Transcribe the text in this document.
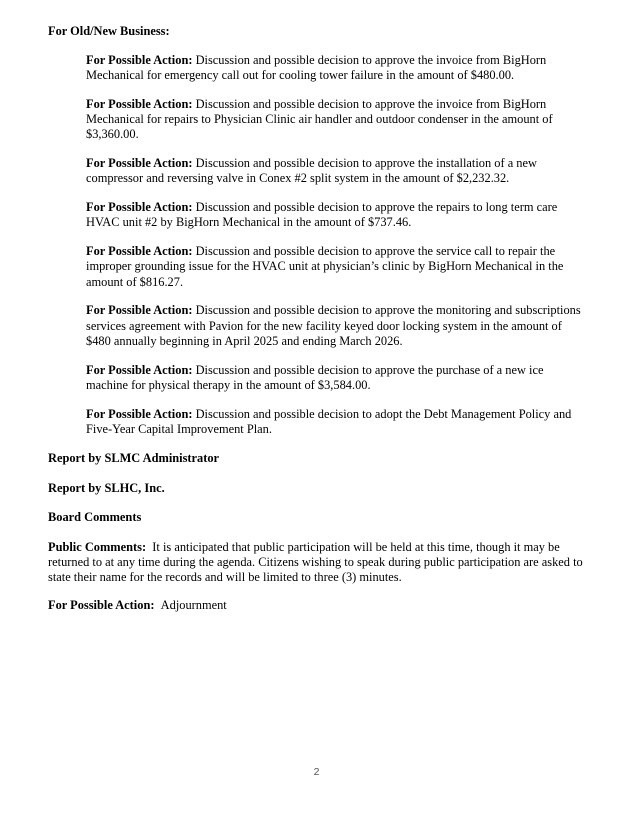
For Old/New Business:
For Possible Action: Discussion and possible decision to approve the invoice from BigHorn Mechanical for emergency call out for cooling tower failure in the amount of $480.00.
For Possible Action: Discussion and possible decision to approve the invoice from BigHorn Mechanical for repairs to Physician Clinic air handler and outdoor condenser in the amount of $3,360.00.
For Possible Action: Discussion and possible decision to approve the installation of a new compressor and reversing valve in Conex #2 split system in the amount of $2,232.32.
For Possible Action: Discussion and possible decision to approve the repairs to long term care HVAC unit #2 by BigHorn Mechanical in the amount of $737.46.
For Possible Action: Discussion and possible decision to approve the service call to repair the improper grounding issue for the HVAC unit at physician’s clinic by BigHorn Mechanical in the amount of $816.27.
For Possible Action: Discussion and possible decision to approve the monitoring and subscriptions services agreement with Pavion for the new facility keyed door locking system in the amount of $480 annually beginning in April 2025 and ending March 2026.
For Possible Action: Discussion and possible decision to approve the purchase of a new ice machine for physical therapy in the amount of $3,584.00.
For Possible Action: Discussion and possible decision to adopt the Debt Management Policy and Five-Year Capital Improvement Plan.
Report by SLMC Administrator
Report by SLHC, Inc.
Board Comments
Public Comments: It is anticipated that public participation will be held at this time, though it may be returned to at any time during the agenda. Citizens wishing to speak during public participation are asked to state their name for the records and will be limited to three (3) minutes.
For Possible Action: Adjournment
2
